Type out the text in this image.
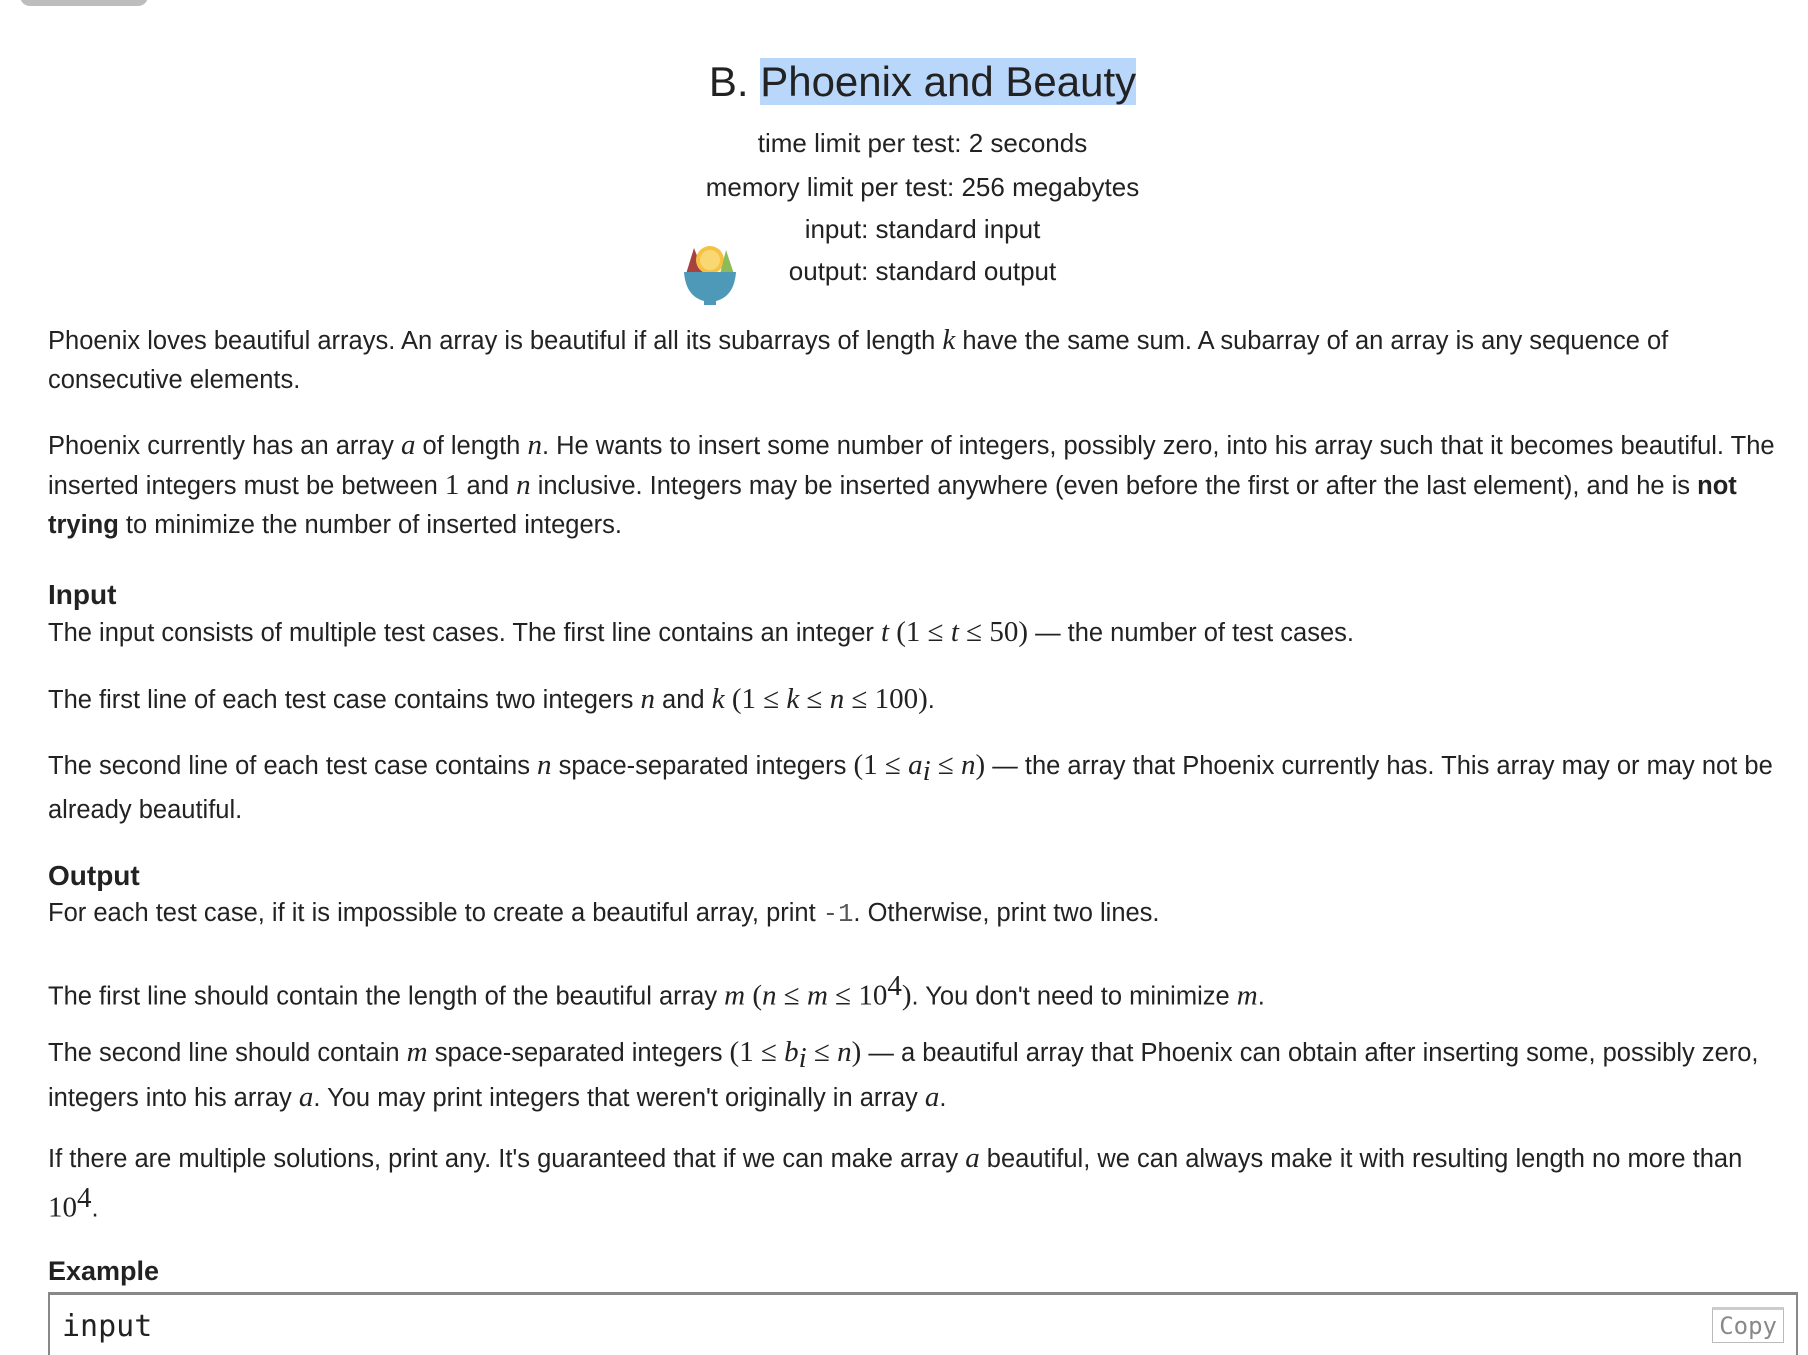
B. Phoenix and Beauty
time limit per test: 2 seconds
memory limit per test: 256 megabytes
input: standard input
output: standard output
Phoenix loves beautiful arrays. An array is beautiful if all its subarrays of length k have the same sum. A subarray of an array is any sequence of consecutive elements.
Phoenix currently has an array a of length n. He wants to insert some number of integers, possibly zero, into his array such that it becomes beautiful. The inserted integers must be between 1 and n inclusive. Integers may be inserted anywhere (even before the first or after the last element), and he is not trying to minimize the number of inserted integers.
Input
The input consists of multiple test cases. The first line contains an integer t (1 ≤ t ≤ 50) — the number of test cases.
The first line of each test case contains two integers n and k (1 ≤ k ≤ n ≤ 100).
The second line of each test case contains n space-separated integers $(1 \le a_i \le n)$ — the array that Phoenix currently has. This array may or may not be already beautiful.
Output
For each test case, if it is impossible to create a beautiful array, print -1. Otherwise, print two lines.
The first line should contain the length of the beautiful array m $(n \le m \le 10^4)$. You don't need to minimize m.
The second line should contain m space-separated integers $(1 \le b_i \le n)$ — a beautiful array that Phoenix can obtain after inserting some, possibly zero, integers into his array a. You may print integers that weren't originally in array a.
If there are multiple solutions, print any. It's guaranteed that if we can make array a beautiful, we can always make it with resulting length no more than $10^4$.
Example
input	Copy
